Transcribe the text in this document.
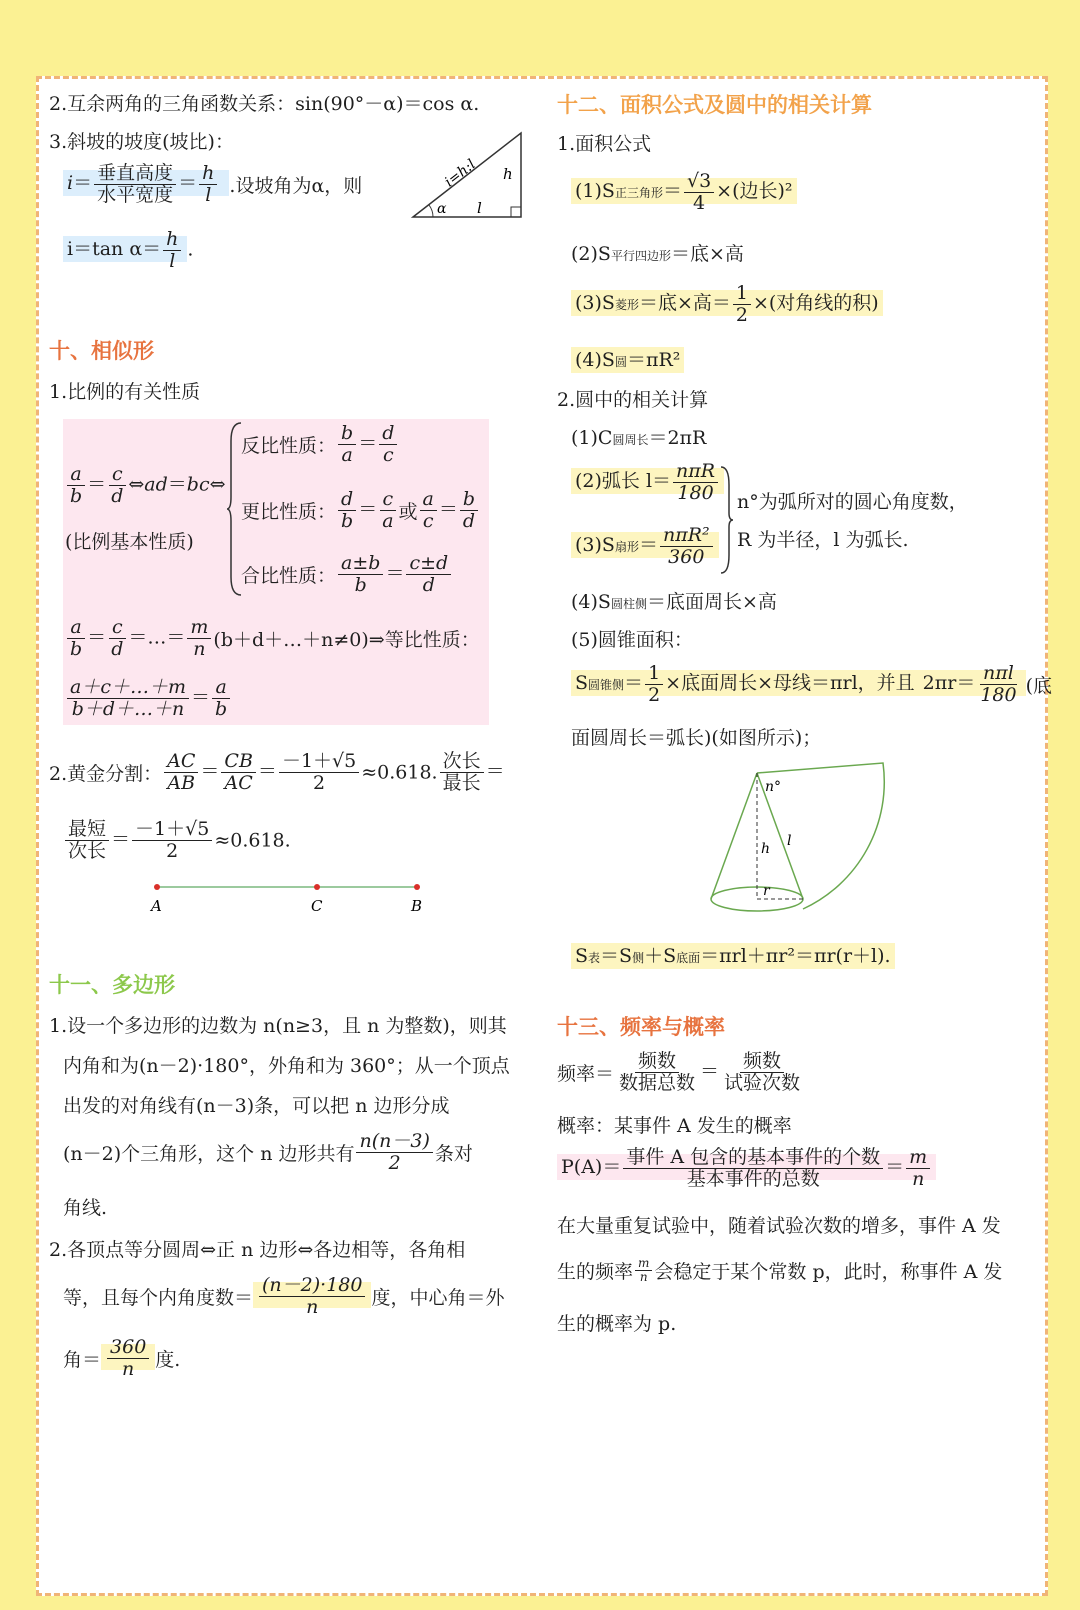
2.互余两角的三角函数关系：sin(90°－α)＝cos α.
3.斜坡的坡度(坡比)：
$i= \frac{\text{垂直高度}}{\text{水平宽度}} = \frac{h}{l}$ .设坡角为α，则
i＝tan $\alpha= \frac{h}{l}$ .
i=h:l h
l
α
十、相似形
1.比例的有关性质
$\frac{a}{b} = \frac{c}{d}$ ⇔ad＝bc⇔
(比例基本性质)
反比性质： $\frac{b}{a} = \frac{d}{c}$
更比性质： $\frac{d}{b} = \frac{c}{a}$ 或 $\frac{a}{c} = \frac{b}{d}$
合比性质： $\frac{a\pm b}{b} = \frac{c\pm d}{d}$
$\frac{a}{b} = \frac{c}{d}$ ＝…＝ $\frac{m}{n}$ (b＋d＋…＋n≠0)⇒等比性质：
$\frac{a+c+\dots+m}{b+d+\dots+n} = \frac{a}{b}$
2.黄金分割： $\frac{AC}{AB} = \frac{CB}{AC} = \frac{-1+√5}{2} \approx 0.618$. $\frac{\text{次长}}{\text{最长}}$ ＝
$\frac{\text{最短}}{\text{次长}} = \frac{-1+√5}{2} \approx 0.618$.
A	C	B
十一、多边形
1.设一个多边形的边数为 n(n≥3，且 n 为整数)，则其
内角和为(n－2)·180°，外角和为 360°；从一个顶点
出发的对角线有(n－3)条，可以把 n 边形分成
(n－2)个三角形，这个 n 边形共有 $\frac{n(n-3)}{2}$ 条对
角线.
2.各顶点等分圆周⇔正 n 边形⇔各边相等，各角相
等，且每个内角度数＝ $\frac{(n-2)\cdot 180}{n}$ 度，中心角＝外
角＝ $\frac{360}{n}$ 度.
十二、面积公式及圆中的相关计算
1.面积公式
(1)S正三角形＝ $\frac{√3}{4}$ ×(边长)²
(2)S平行四边形＝底×高
(3)S菱形＝底×高＝ $\frac{1}{2}$ ×(对角线的积)
(4)S圆＝πR²
2.圆中的相关计算
(1)C圆周长＝2πR
(2)弧长 $l= \frac{\text{nπR}}{180}$
(3)S扇形＝ $\frac{\text{nπR²}}{360}$
n°为弧所对的圆心角度数，
R 为半径，l 为弧长.
(4)S圆柱侧＝底面周长×高
(5)圆锥面积：
S圆锥侧＝ $\frac{1}{2}$ ×底面周长×母线＝πrl，并且 $2\pi r= \frac{\text{nπl}}{180}$ (底
面圆周长＝弧长)(如图所示)；
n°
h l
r
S表＝S侧＋S底面＝πrl＋πr²＝πr(r＋l).
十三、频率与概率
频率＝ $\frac{\text{频数}}{\text{数据总数}} = \frac{\text{频数}}{\text{试验次数}}$
概率：某事件 A 发生的概率
$P(A)= \frac{\text{事件 A 包含的基本事件的个数}}{\text{基本事件的总数}} = \frac{m}{n}$
在大量重复试验中，随着试验次数的增多，事件 A 发
生的频率 $\frac{m}{n}$ 会稳定于某个常数 p，此时，称事件 A 发
生的概率为 p.
